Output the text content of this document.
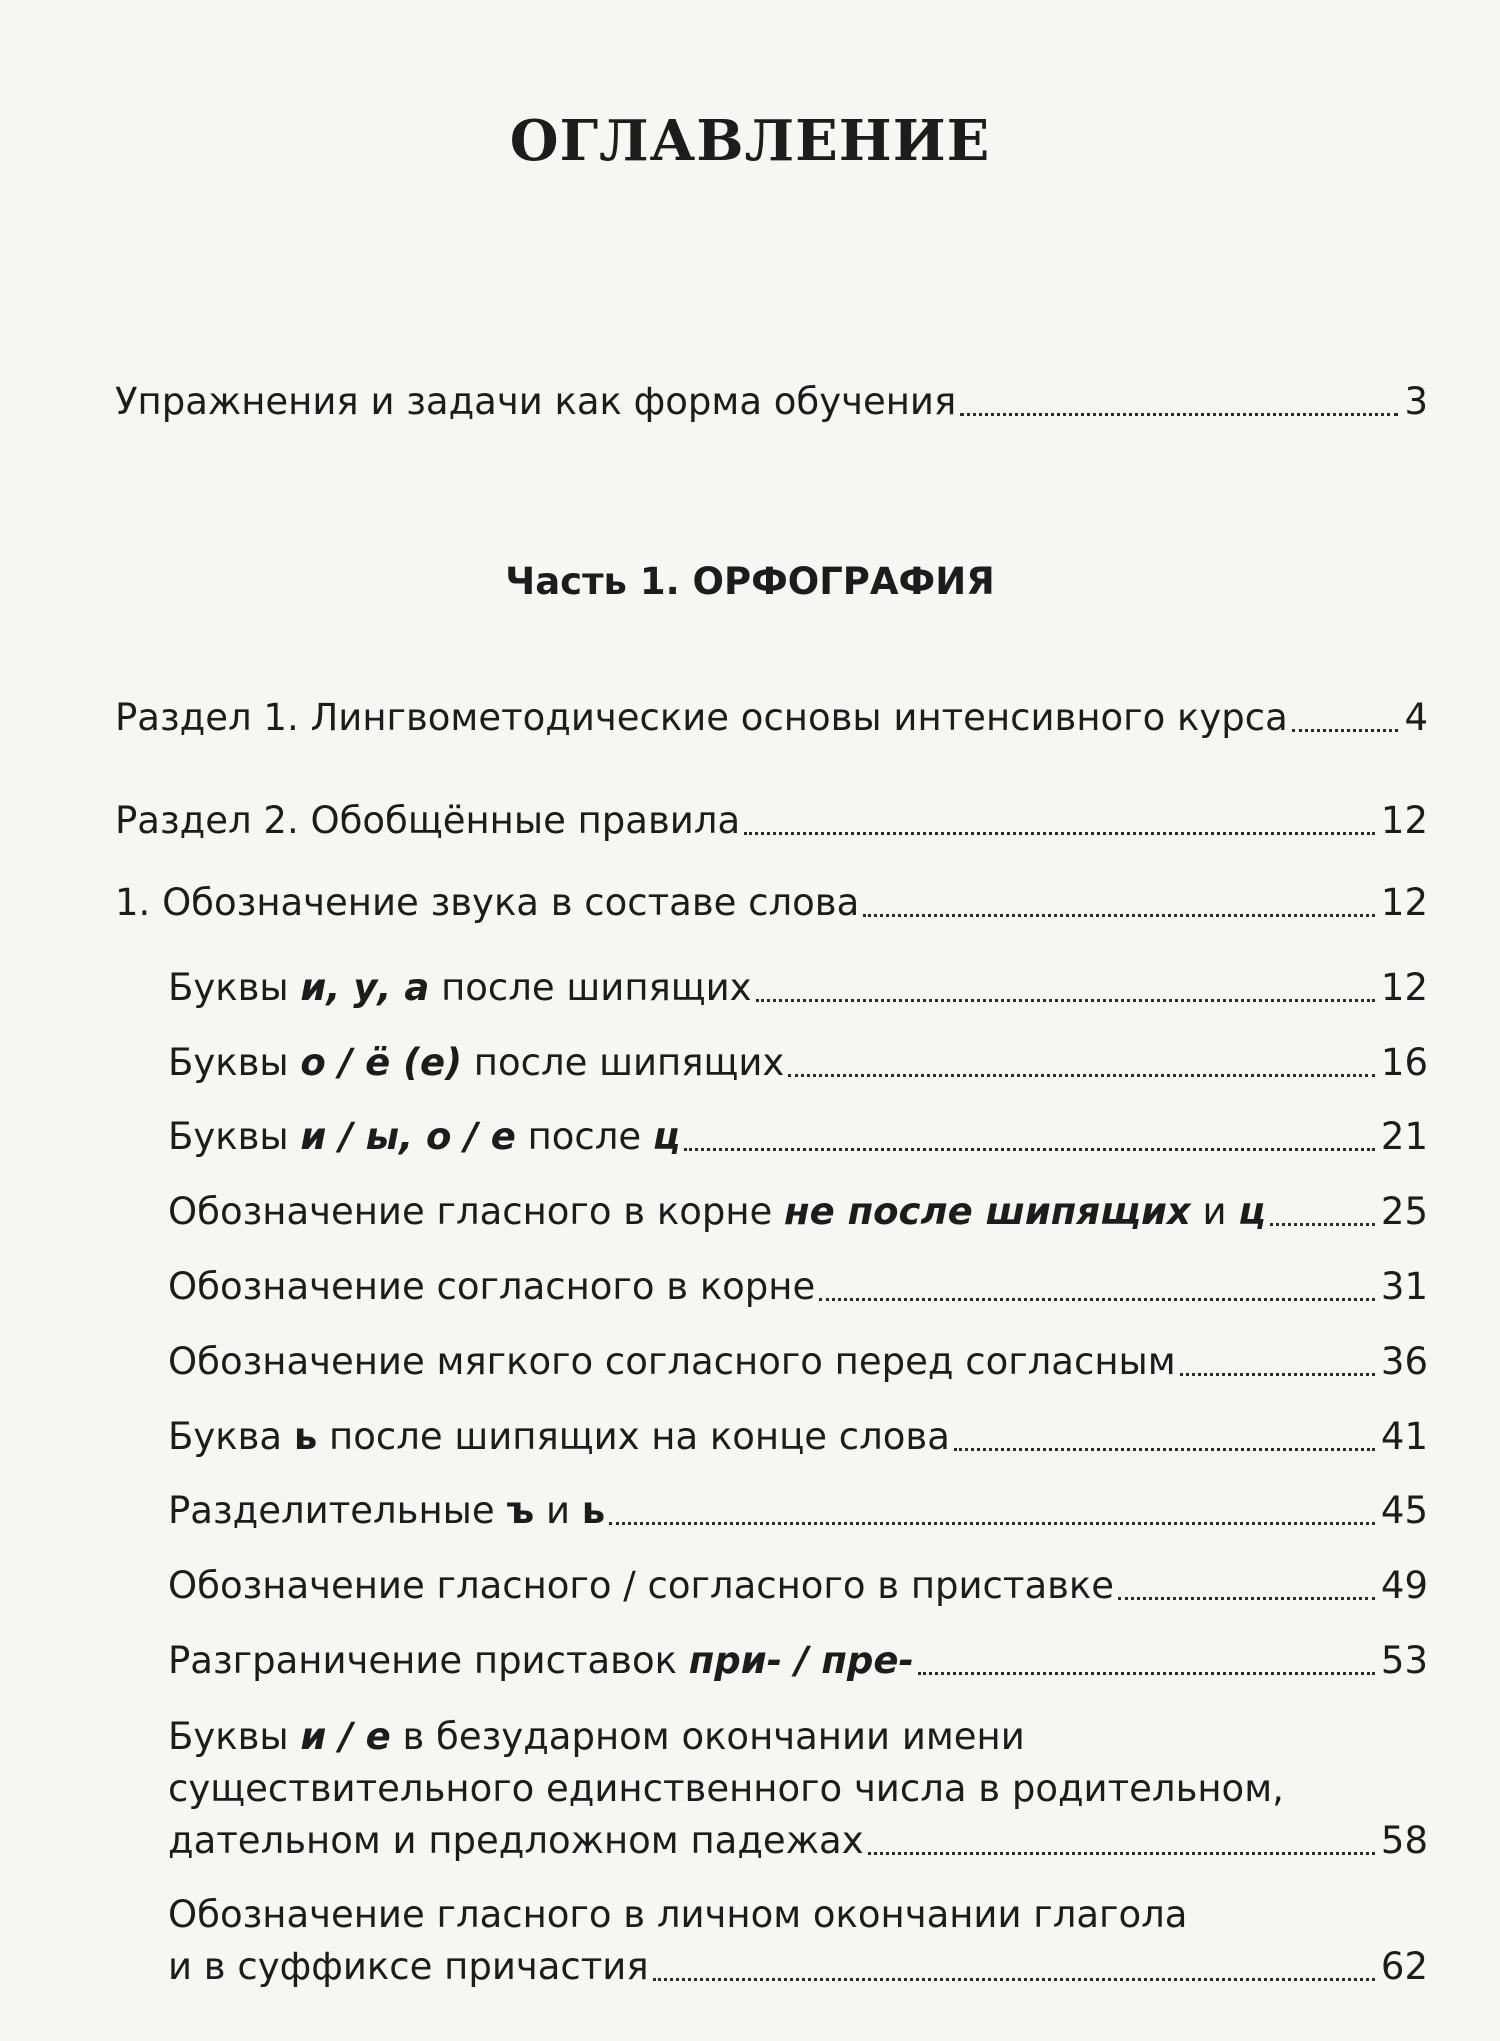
ОГЛАВЛЕНИЕ
Упражнения и задачи как форма обучения	3
Часть 1. ОРФОГРАФИЯ
Раздел 1. Лингвометодические основы интенсивного курса	4
Раздел 2. Обобщённые правила	12
1. Обозначение звука в составе слова	12
Буквы и, у, а после шипящих	12
Буквы о / ё (е) после шипящих	16
Буквы и / ы, о / е после ц	21
Обозначение гласного в корне не после шипящих и ц	25
Обозначение согласного в корне	31
Обозначение мягкого согласного перед согласным	36
Буква ь после шипящих на конце слова	41
Разделительные ъ и ь	45
Обозначение гласного / согласного в приставке	49
Разграничение приставок при- / пре-	53
Буквы и / е в безударном окончании имени
существительного единственного числа в родительном,
дательном и предложном падежах	58
Обозначение гласного в личном окончании глагола
и в суффиксе причастия	62
